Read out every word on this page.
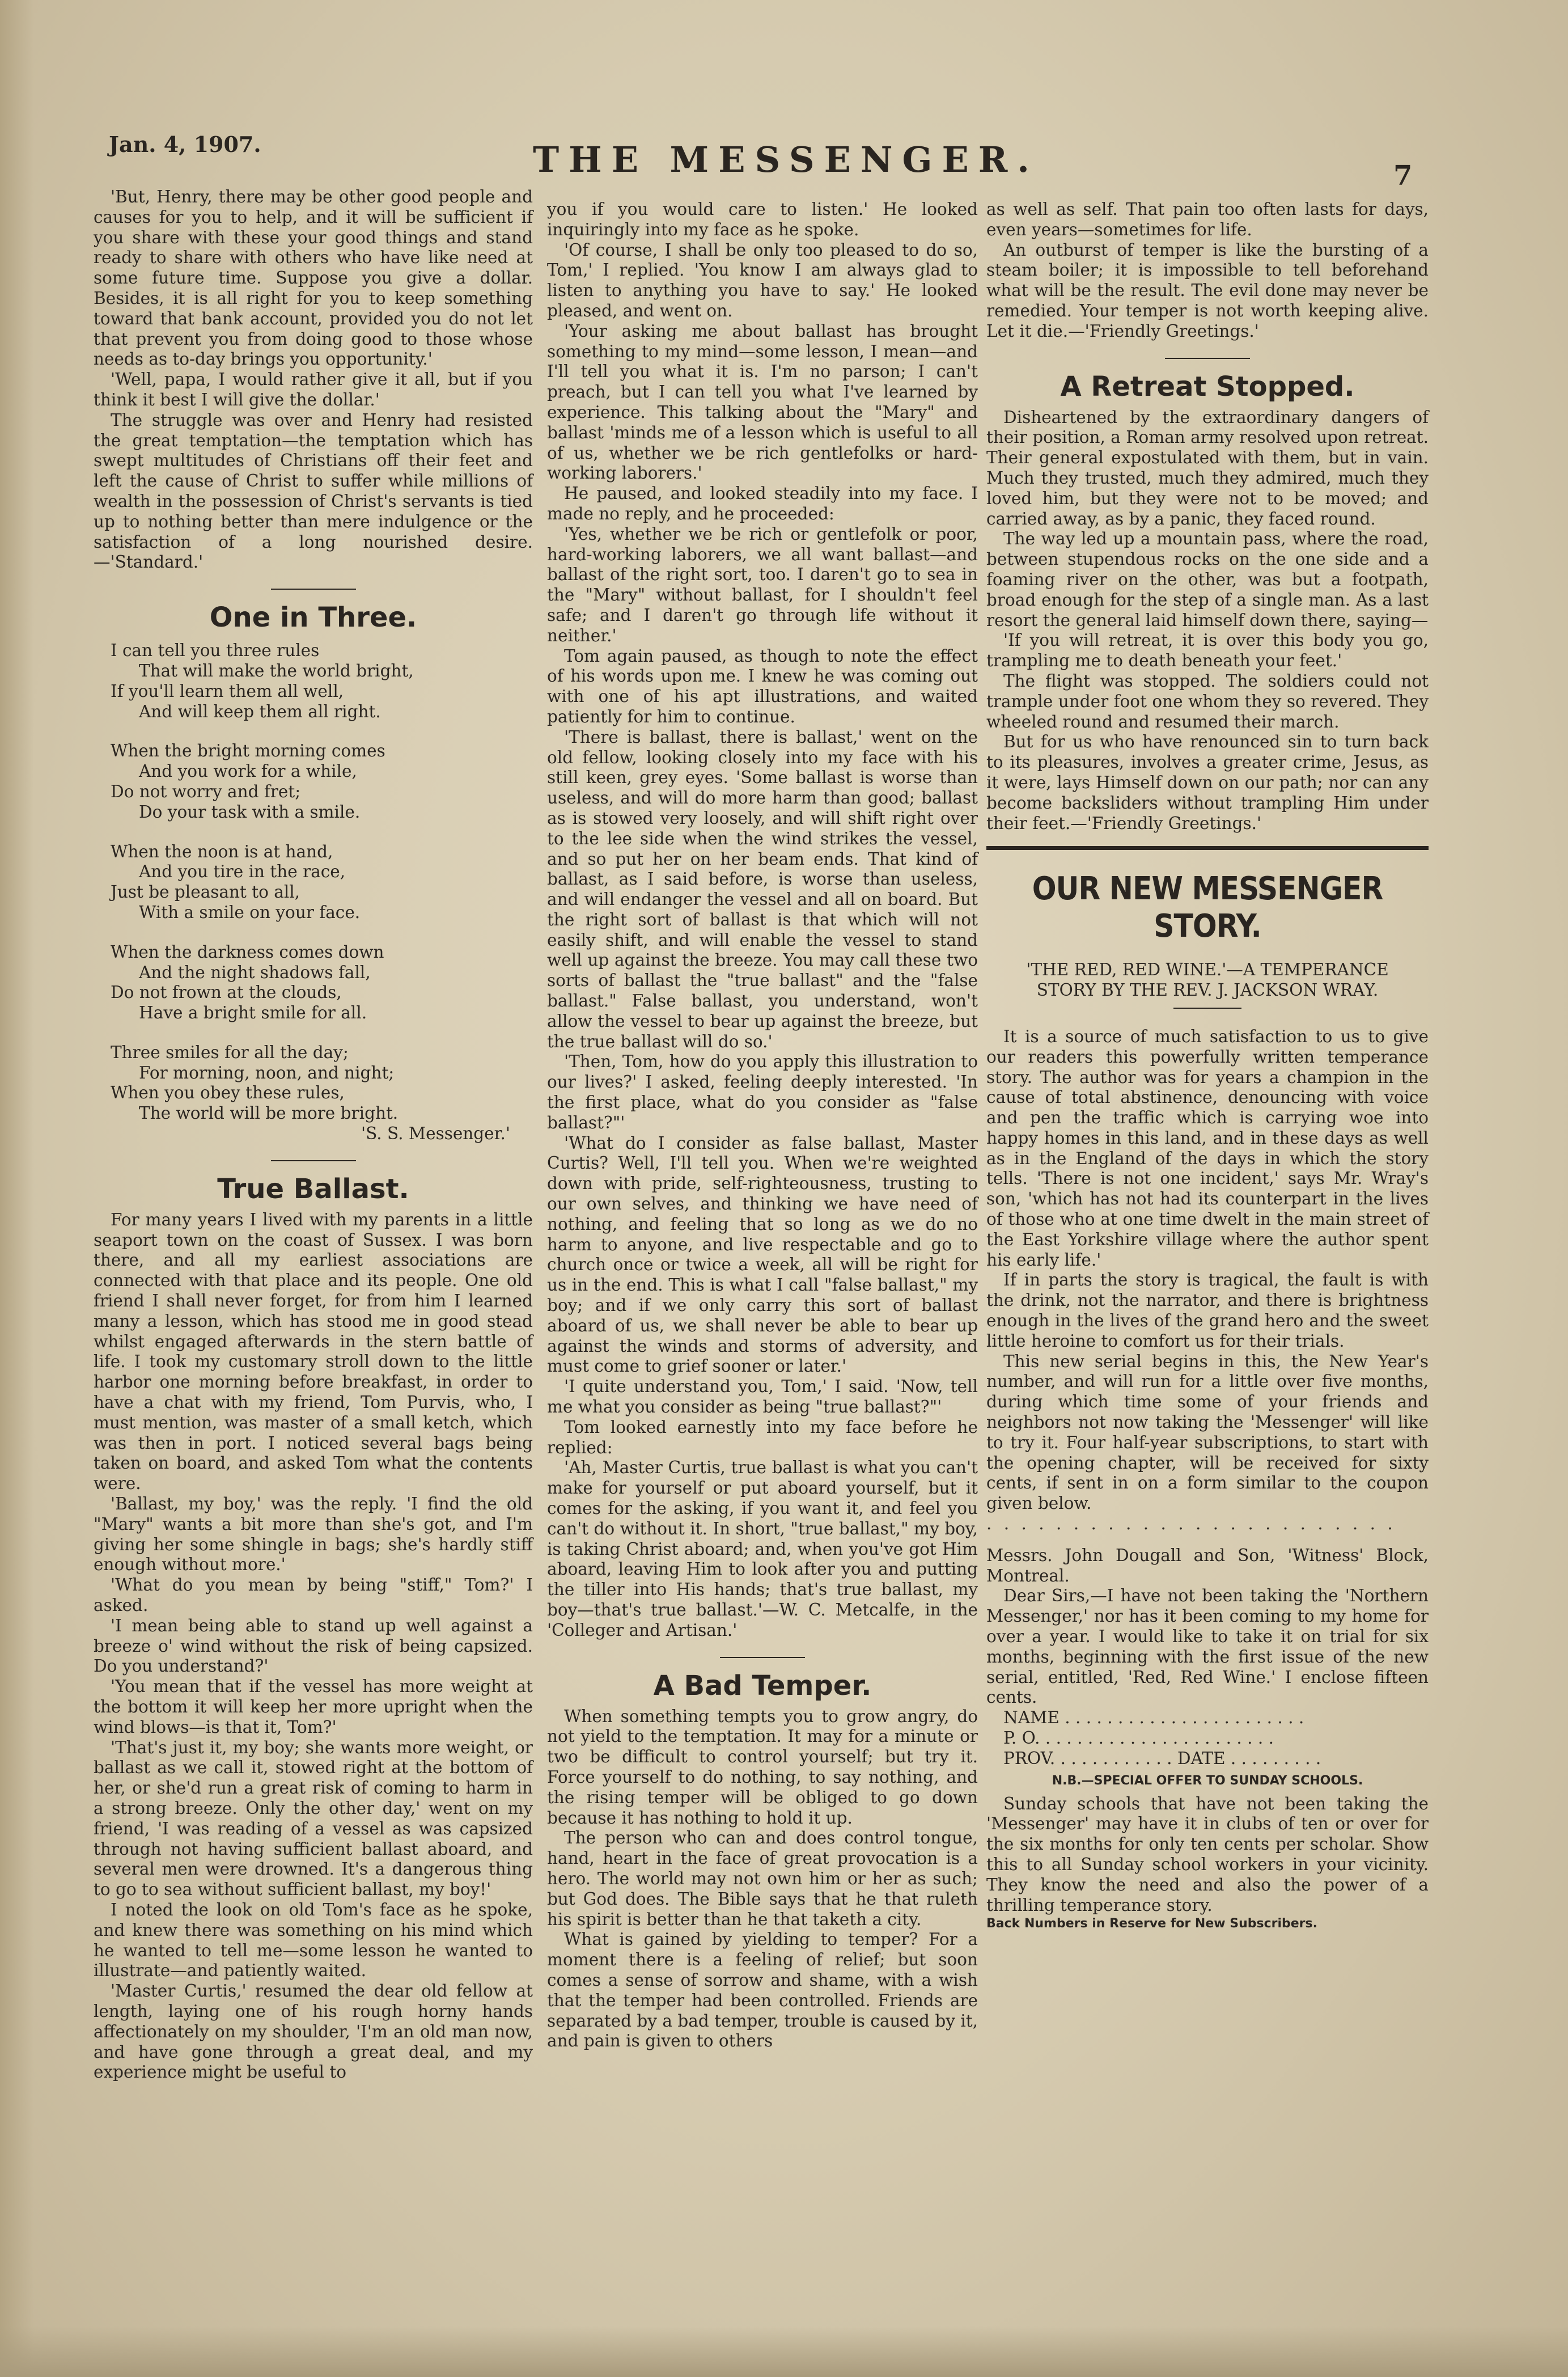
Jan. 4, 1907.	THE MESSENGER.	7

'But, Henry, there may be other good people and causes for you to help, and it will be sufficient if you share with these your good things and stand ready to share with others who have like need at some future time. Suppose you give a dollar. Besides, it is all right for you to keep something toward that bank account, provided you do not let that prevent you from doing good to those whose needs as to-day brings you opportunity.'

'Well, papa, I would rather give it all, but if you think it best I will give the dollar.'

The struggle was over and Henry had resisted the great temptation—the temptation which has swept multitudes of Christians off their feet and left the cause of Christ to suffer while millions of wealth in the possession of Christ's servants is tied up to nothing better than mere indulgence or the satisfaction of a long nourished desire.—'Standard.'

One in Three.
I can tell you three rules
That will make the world bright,
If you'll learn them all well,
And will keep them all right.
When the bright morning comes
And you work for a while,
Do not worry and fret;
Do your task with a smile.
When the noon is at hand,
And you tire in the race,
Just be pleasant to all,
With a smile on your face.
When the darkness comes down
And the night shadows fall,
Do not frown at the clouds,
Have a bright smile for all.
Three smiles for all the day;
For morning, noon, and night;
When you obey these rules,
The world will be more bright.
'S. S. Messenger.'
True Ballast.

For many years I lived with my parents in a little seaport town on the coast of Sussex. I was born there, and all my earliest associations are connected with that place and its people. One old friend I shall never forget, for from him I learned many a lesson, which has stood me in good stead whilst engaged afterwards in the stern battle of life. I took my customary stroll down to the little harbor one morning before breakfast, in order to have a chat with my friend, Tom Purvis, who, I must mention, was master of a small ketch, which was then in port. I noticed several bags being taken on board, and asked Tom what the contents were.

'Ballast, my boy,' was the reply. 'I find the old "Mary" wants a bit more than she's got, and I'm giving her some shingle in bags; she's hardly stiff enough without more.'

'What do you mean by being "stiff," Tom?' I asked.

'I mean being able to stand up well against a breeze o' wind without the risk of being capsized. Do you understand?'

'You mean that if the vessel has more weight at the bottom it will keep her more upright when the wind blows—is that it, Tom?'

'That's just it, my boy; she wants more weight, or ballast as we call it, stowed right at the bottom of her, or she'd run a great risk of coming to harm in a strong breeze. Only the other day,' went on my friend, 'I was reading of a vessel as was capsized through not having sufficient ballast aboard, and several men were drowned. It's a dangerous thing to go to sea without sufficient ballast, my boy!'

I noted the look on old Tom's face as he spoke, and knew there was something on his mind which he wanted to tell me—some lesson he wanted to illustrate—and patiently waited.

'Master Curtis,' resumed the dear old fellow at length, laying one of his rough horny hands affectionately on my shoulder, 'I'm an old man now, and have gone through a great deal, and my experience might be useful to

you if you would care to listen.' He looked inquiringly into my face as he spoke.

'Of course, I shall be only too pleased to do so, Tom,' I replied. 'You know I am always glad to listen to anything you have to say.' He looked pleased, and went on.

'Your asking me about ballast has brought something to my mind—some lesson, I mean—and I'll tell you what it is. I'm no parson; I can't preach, but I can tell you what I've learned by experience. This talking about the "Mary" and ballast 'minds me of a lesson which is useful to all of us, whether we be rich gentlefolks or hard-working laborers.'

He paused, and looked steadily into my face. I made no reply, and he proceeded:

'Yes, whether we be rich or gentlefolk or poor, hard-working laborers, we all want ballast—and ballast of the right sort, too. I daren't go to sea in the "Mary" without ballast, for I shouldn't feel safe; and I daren't go through life without it neither.'

Tom again paused, as though to note the effect of his words upon me. I knew he was coming out with one of his apt illustrations, and waited patiently for him to continue.

'There is ballast, there is ballast,' went on the old fellow, looking closely into my face with his still keen, grey eyes. 'Some ballast is worse than useless, and will do more harm than good; ballast as is stowed very loosely, and will shift right over to the lee side when the wind strikes the vessel, and so put her on her beam ends. That kind of ballast, as I said before, is worse than useless, and will endanger the vessel and all on board. But the right sort of ballast is that which will not easily shift, and will enable the vessel to stand well up against the breeze. You may call these two sorts of ballast the "true ballast" and the "false ballast." False ballast, you understand, won't allow the vessel to bear up against the breeze, but the true ballast will do so.'

'Then, Tom, how do you apply this illustration to our lives?' I asked, feeling deeply interested. 'In the first place, what do you consider as "false ballast?"'

'What do I consider as false ballast, Master Curtis? Well, I'll tell you. When we're weighted down with pride, self-righteousness, trusting to our own selves, and thinking we have need of nothing, and feeling that so long as we do no harm to anyone, and live respectable and go to church once or twice a week, all will be right for us in the end. This is what I call "false ballast," my boy; and if we only carry this sort of ballast aboard of us, we shall never be able to bear up against the winds and storms of adversity, and must come to grief sooner or later.'

'I quite understand you, Tom,' I said. 'Now, tell me what you consider as being "true ballast?"'

Tom looked earnestly into my face before he replied:

'Ah, Master Curtis, true ballast is what you can't make for yourself or put aboard yourself, but it comes for the asking, if you want it, and feel you can't do without it. In short, "true ballast," my boy, is taking Christ aboard; and, when you've got Him aboard, leaving Him to look after you and putting the tiller into His hands; that's true ballast, my boy—that's true ballast.'—W. C. Metcalfe, in the 'Colleger and Artisan.'

A Bad Temper.

When something tempts you to grow angry, do not yield to the temptation. It may for a minute or two be difficult to control yourself; but try it. Force yourself to do nothing, to say nothing, and the rising temper will be obliged to go down because it has nothing to hold it up.

The person who can and does control tongue, hand, heart in the face of great provocation is a hero. The world may not own him or her as such; but God does. The Bible says that he that ruleth his spirit is better than he that taketh a city.

What is gained by yielding to temper? For a moment there is a feeling of relief; but soon comes a sense of sorrow and shame, with a wish that the temper had been controlled. Friends are separated by a bad temper, trouble is caused by it, and pain is given to others

as well as self. That pain too often lasts for days, even years—sometimes for life.

An outburst of temper is like the bursting of a steam boiler; it is impossible to tell beforehand what will be the result. The evil done may never be remedied. Your temper is not worth keeping alive. Let it die.—'Friendly Greetings.'

A Retreat Stopped.

Disheartened by the extraordinary dangers of their position, a Roman army resolved upon retreat. Their general expostulated with them, but in vain. Much they trusted, much they admired, much they loved him, but they were not to be moved; and carried away, as by a panic, they faced round.

The way led up a mountain pass, where the road, between stupendous rocks on the one side and a foaming river on the other, was but a footpath, broad enough for the step of a single man. As a last resort the general laid himself down there, saying—

'If you will retreat, it is over this body you go, trampling me to death beneath your feet.'

The flight was stopped. The soldiers could not trample under foot one whom they so revered. They wheeled round and resumed their march.

But for us who have renounced sin to turn back to its pleasures, involves a greater crime, Jesus, as it were, lays Himself down on our path; nor can any become backsliders without trampling Him under their feet.—'Friendly Greetings.'

OUR NEW MESSENGER STORY.
'THE RED, RED WINE.'—A TEMPERANCE STORY BY THE REV. J. JACKSON WRAY.

It is a source of much satisfaction to us to give our readers this powerfully written temperance story. The author was for years a champion in the cause of total abstinence, denouncing with voice and pen the traffic which is carrying woe into happy homes in this land, and in these days as well as in the England of the days in which the story tells. 'There is not one incident,' says Mr. Wray's son, 'which has not had its counterpart in the lives of those who at one time dwelt in the main street of the East Yorkshire village where the author spent his early life.'

If in parts the story is tragical, the fault is with the drink, not the narrator, and there is brightness enough in the lives of the grand hero and the sweet little heroine to comfort us for their trials.

This new serial begins in this, the New Year's number, and will run for a little over five months, during which time some of your friends and neighbors not now taking the 'Messenger' will like to try it. Four half-year subscriptions, to start with the opening chapter, will be received for sixty cents, if sent in on a form similar to the coupon given below.

. . . . . . . . . . . . . . . . . . . . . . . .

Messrs. John Dougall and Son, 'Witness' Block, Montreal.

Dear Sirs,—I have not been taking the 'Northern Messenger,' nor has it been coming to my home for over a year. I would like to take it on trial for six months, beginning with the first issue of the new serial, entitled, 'Red, Red Wine.' I enclose fifteen cents.

NAME . . . . . . . . . . . . . . . . . . . . . . .

P. O. . . . . . . . . . . . . . . . . . . . . . .

PROV. . . . . . . . . . . . DATE . . . . . . . . .

N.B.—SPECIAL OFFER TO SUNDAY SCHOOLS.

Sunday schools that have not been taking the 'Messenger' may have it in clubs of ten or over for the six months for only ten cents per scholar. Show this to all Sunday school workers in your vicinity. They know the need and also the power of a thrilling temperance story.

Back Numbers in Reserve for New Subscribers.
